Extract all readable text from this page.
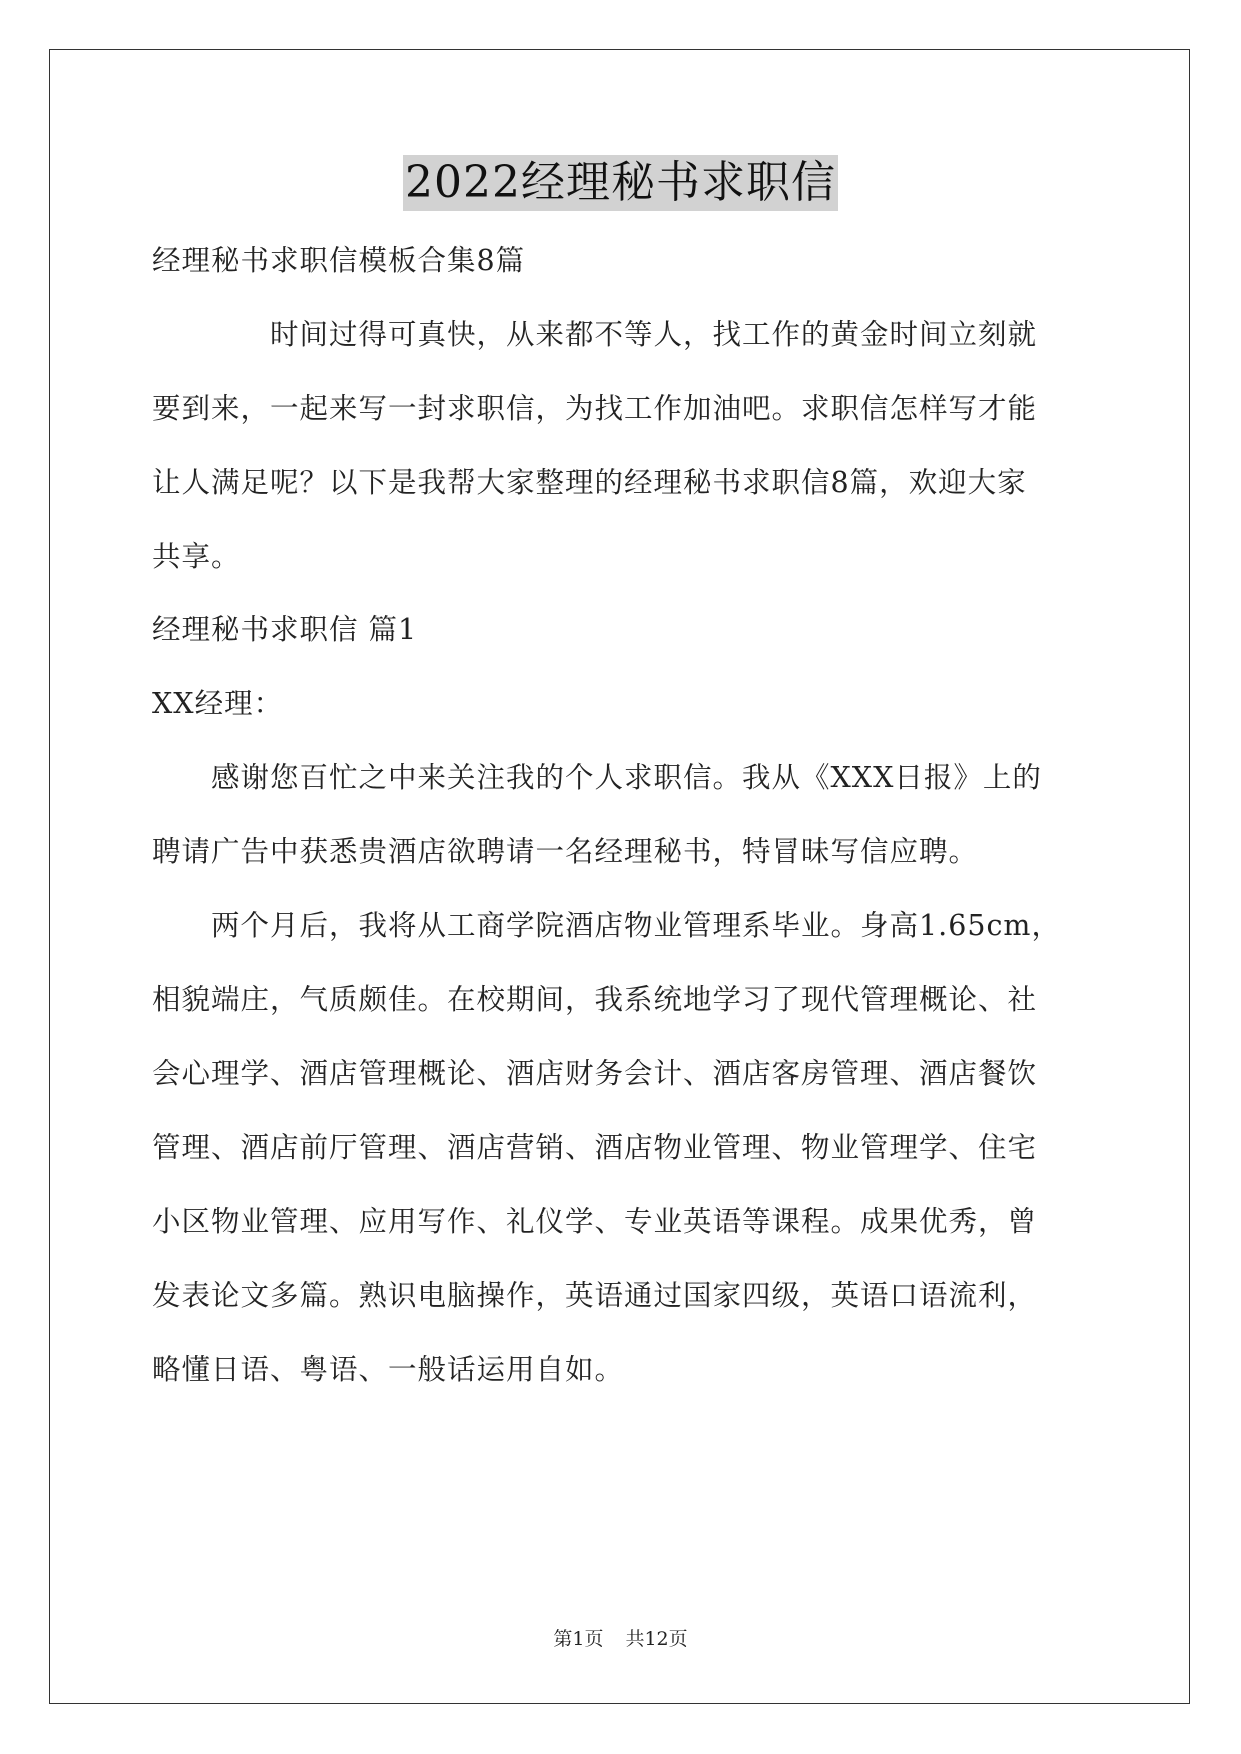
2022经理秘书求职信
经理秘书求职信模板合集8篇
　　　　时间过得可真快，从来都不等人，找工作的黄金时间立刻就
要到来，一起来写一封求职信，为找工作加油吧。求职信怎样写才能
让人满足呢？以下是我帮大家整理的经理秘书求职信8篇，欢迎大家
共享。
经理秘书求职信 篇1
XX经理：
　　感谢您百忙之中来关注我的个人求职信。我从《XXX日报》上的
聘请广告中获悉贵酒店欲聘请一名经理秘书，特冒昧写信应聘。
　　两个月后，我将从工商学院酒店物业管理系毕业。身高1.65cm，
相貌端庄，气质颇佳。在校期间，我系统地学习了现代管理概论、社
会心理学、酒店管理概论、酒店财务会计、酒店客房管理、酒店餐饮
管理、酒店前厅管理、酒店营销、酒店物业管理、物业管理学、住宅
小区物业管理、应用写作、礼仪学、专业英语等课程。成果优秀，曾
发表论文多篇。熟识电脑操作，英语通过国家四级，英语口语流利，
略懂日语、粤语、一般话运用自如。
第1页 共12页
